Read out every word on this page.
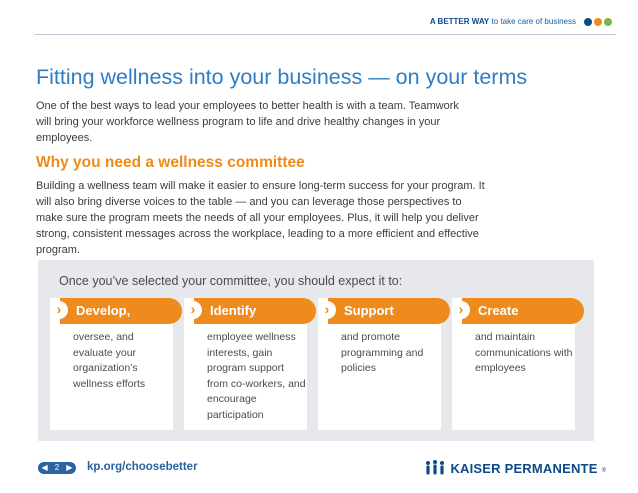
A BETTER WAY to take care of business
Fitting wellness into your business — on your terms
One of the best ways to lead your employees to better health is with a team. Teamwork will bring your workforce wellness program to life and drive healthy changes in your employees.
Why you need a wellness committee
Building a wellness team will make it easier to ensure long-term success for your program. It will also bring diverse voices to the table — and you can leverage those perspectives to make sure the program meets the needs of all your employees. Plus, it will help you deliver strong, consistent messages across the workplace, leading to a more efficient and effective program.
Once you’ve selected your committee, you should expect it to:
›	Develop,
oversee, and evaluate your organization’s wellness efforts
›	Identify
employee wellness interests, gain program support from co-workers, and encourage participation
›	Support
and promote programming and policies
›	Create
and maintain communications with employees
◀ 2 ▶ kp.org/choosebetter	KAISER PERMANENTE ®
